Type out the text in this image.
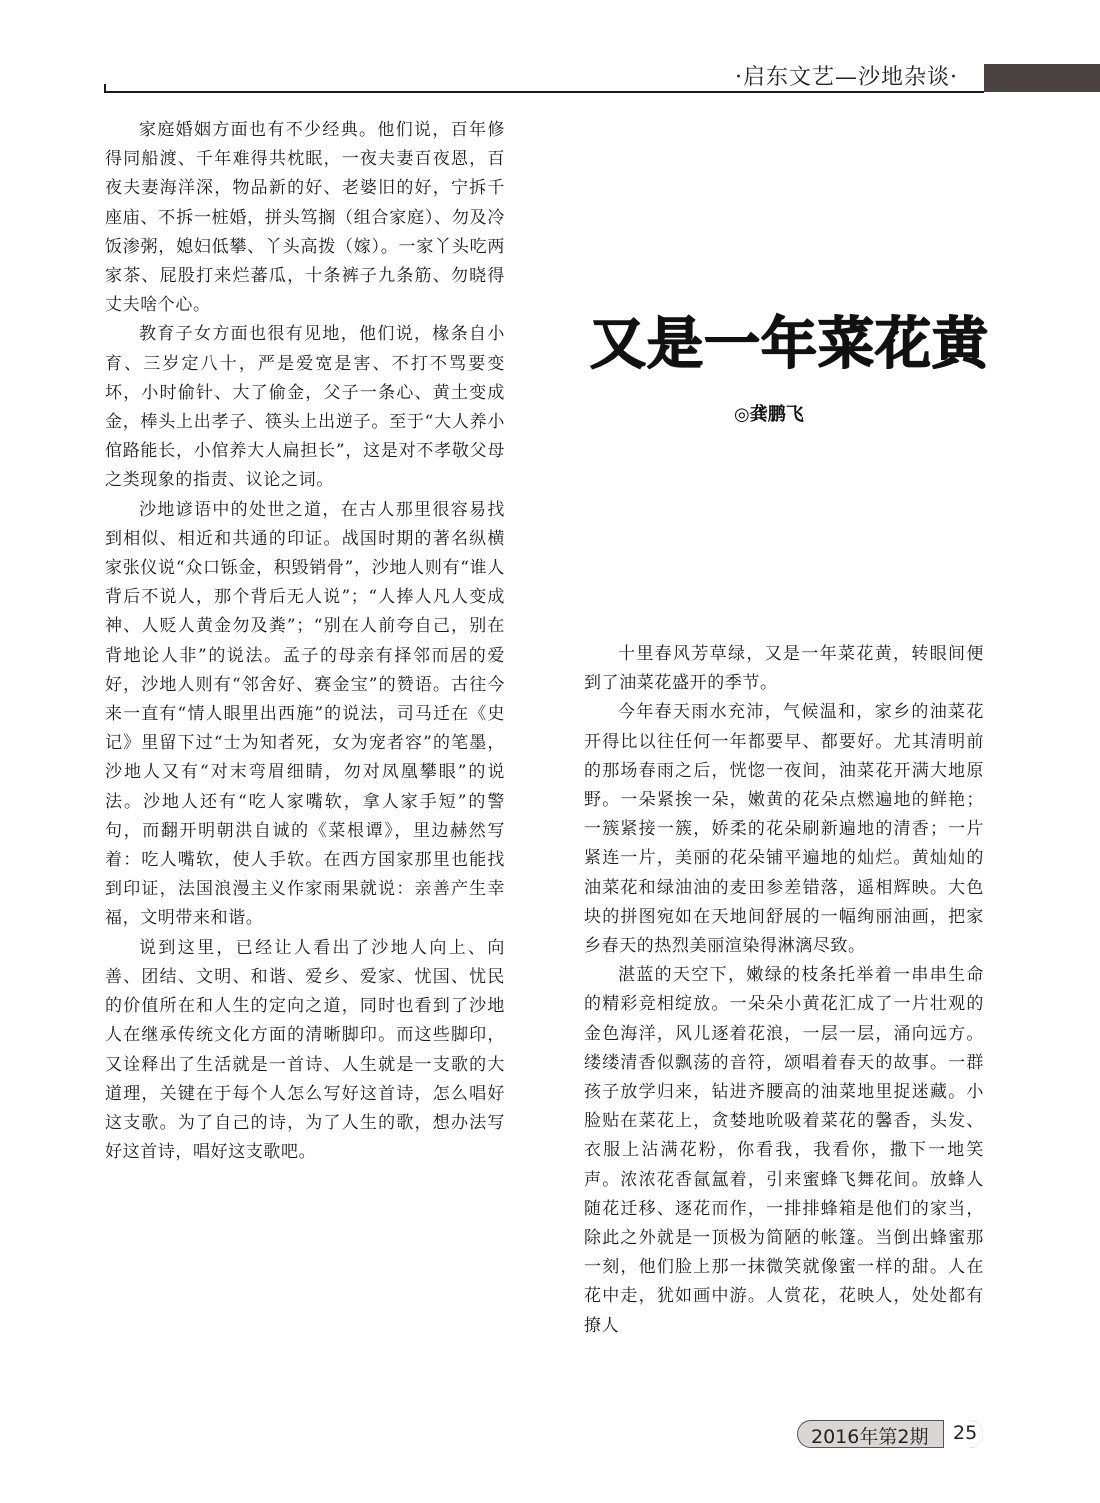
·启东文艺—沙地杂谈·

家庭婚姻方面也有不少经典。他们说，百年修得同船渡、千年难得共枕眠，一夜夫妻百夜恩，百夜夫妻海洋深，物品新的好、老婆旧的好，宁拆千座庙、不拆一桩婚，拼头笃搁（组合家庭）、勿及冷饭渗粥，媳妇低攀、丫头高拨（嫁）。一家丫头吃两家茶、屁股打来烂蕃瓜，十条裤子九条筋、勿晓得丈夫啥个心。

教育子女方面也很有见地，他们说，椽条自小育、三岁定八十，严是爱宽是害、不打不骂要变坏，小时偷针、大了偷金，父子一条心、黄土变成金，棒头上出孝子、筷头上出逆子。至于“大人养小倌路能长，小倌养大人扁担长”，这是对不孝敬父母之类现象的指责、议论之词。

沙地谚语中的处世之道，在古人那里很容易找到相似、相近和共通的印证。战国时期的著名纵横家张仪说“众口铄金，积毁销骨”，沙地人则有“谁人背后不说人，那个背后无人说”；“人捧人凡人变成神、人贬人黄金勿及粪”；“别在人前夸自己，别在背地论人非”的说法。孟子的母亲有择邻而居的爱好，沙地人则有“邻舍好、赛金宝”的赞语。古往今来一直有“情人眼里出西施”的说法，司马迁在《史记》里留下过“士为知者死，女为宠者容”的笔墨，沙地人又有“对末弯眉细睛，勿对凤凰攀眼”的说法。沙地人还有“吃人家嘴软，拿人家手短”的警句，而翻开明朝洪自诚的《菜根谭》，里边赫然写着：吃人嘴软，使人手软。在西方国家那里也能找到印证，法国浪漫主义作家雨果就说：亲善产生幸福，文明带来和谐。

说到这里，已经让人看出了沙地人向上、向善、团结、文明、和谐、爱乡、爱家、忧国、忧民的价值所在和人生的定向之道，同时也看到了沙地人在继承传统文化方面的清晰脚印。而这些脚印，又诠释出了生活就是一首诗、人生就是一支歌的大道理，关键在于每个人怎么写好这首诗，怎么唱好这支歌。为了自己的诗，为了人生的歌，想办法写好这首诗，唱好这支歌吧。

又是一年菜花黄
◎龚鹏飞

十里春风芳草绿，又是一年菜花黄，转眼间便到了油菜花盛开的季节。

今年春天雨水充沛，气候温和，家乡的油菜花开得比以往任何一年都要早、都要好。尤其清明前的那场春雨之后，恍惚一夜间，油菜花开满大地原野。一朵紧挨一朵，嫩黄的花朵点燃遍地的鲜艳；一簇紧接一簇，娇柔的花朵刷新遍地的清香；一片紧连一片，美丽的花朵铺平遍地的灿烂。黄灿灿的油菜花和绿油油的麦田参差错落，遥相辉映。大色块的拼图宛如在天地间舒展的一幅绚丽油画，把家乡春天的热烈美丽渲染得淋漓尽致。

湛蓝的天空下，嫩绿的枝条托举着一串串生命的精彩竞相绽放。一朵朵小黄花汇成了一片壮观的金色海洋，风儿逐着花浪，一层一层，涌向远方。缕缕清香似飘荡的音符，颂唱着春天的故事。一群孩子放学归来，钻进齐腰高的油菜地里捉迷藏。小脸贴在菜花上，贪婪地吮吸着菜花的馨香，头发、衣服上沾满花粉，你看我，我看你，撒下一地笑声。浓浓花香氤氲着，引来蜜蜂飞舞花间。放蜂人随花迁移、逐花而作，一排排蜂箱是他们的家当，除此之外就是一顶极为简陋的帐篷。当倒出蜂蜜那一刻，他们脸上那一抹微笑就像蜜一样的甜。人在花中走，犹如画中游。人赏花，花映人，处处都有撩人

2016年第2期 25
